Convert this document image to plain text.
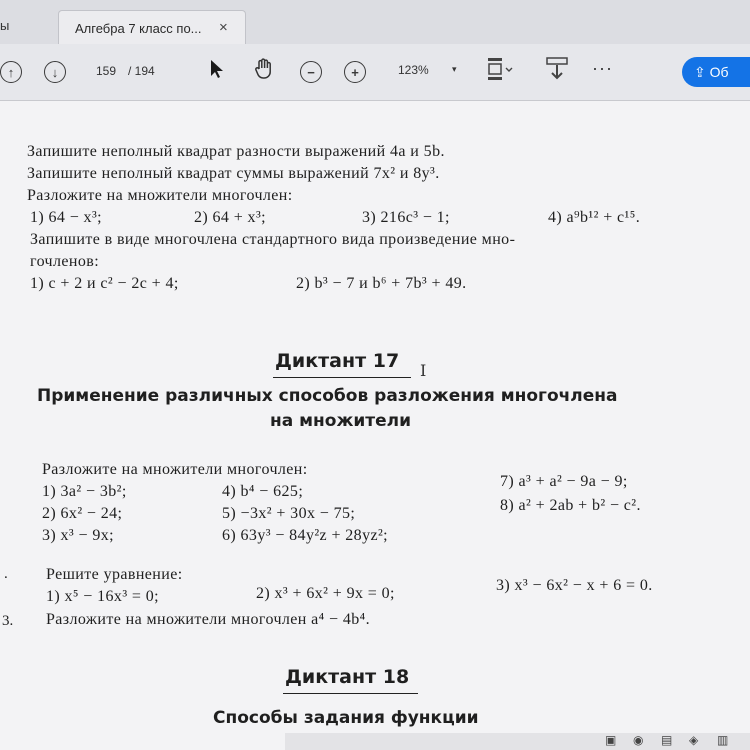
ы	Алгебра 7 класс по... ×
↑	↓	159 / 194	−	+	123%	▾	···	⇪ Об
Запишите неполный квадрат разности выражений 4a и 5b.
Запишите неполный квадрат суммы выражений 7x² и 8y³.
Разложите на множители многочлен:
1) 64 − x³;	2) 64 + x³;	3) 216c³ − 1;	4) a⁹b¹² + c¹⁵.
Запишите в виде многочлена стандартного вида произведение мно-
гочленов:
1) c + 2 и c² − 2c + 4;	2) b³ − 7 и b⁶ + 7b³ + 49.
Диктант 17 I
Применение различных способов разложения многочлена
на множители
Разложите на множители многочлен:
1) 3a² − 3b²;
2) 6x² − 24;
3) x³ − 9x;
4) b⁴ − 625;
5) −3x² + 30x − 75;
6) 63y³ − 84y²z + 28yz²;
7) a³ + a² − 9a − 9;
8) a² + 2ab + b² − c².
. Решите уравнение:
1) x⁵ − 16x³ = 0;	2) x³ + 6x² + 9x = 0;	3) x³ − 6x² − x + 6 = 0.
3. Разложите на множители многочлен a⁴ − 4b⁴.
Диктант 18
Способы задания функции
▣ ◉ ▤ ◈ ▥
